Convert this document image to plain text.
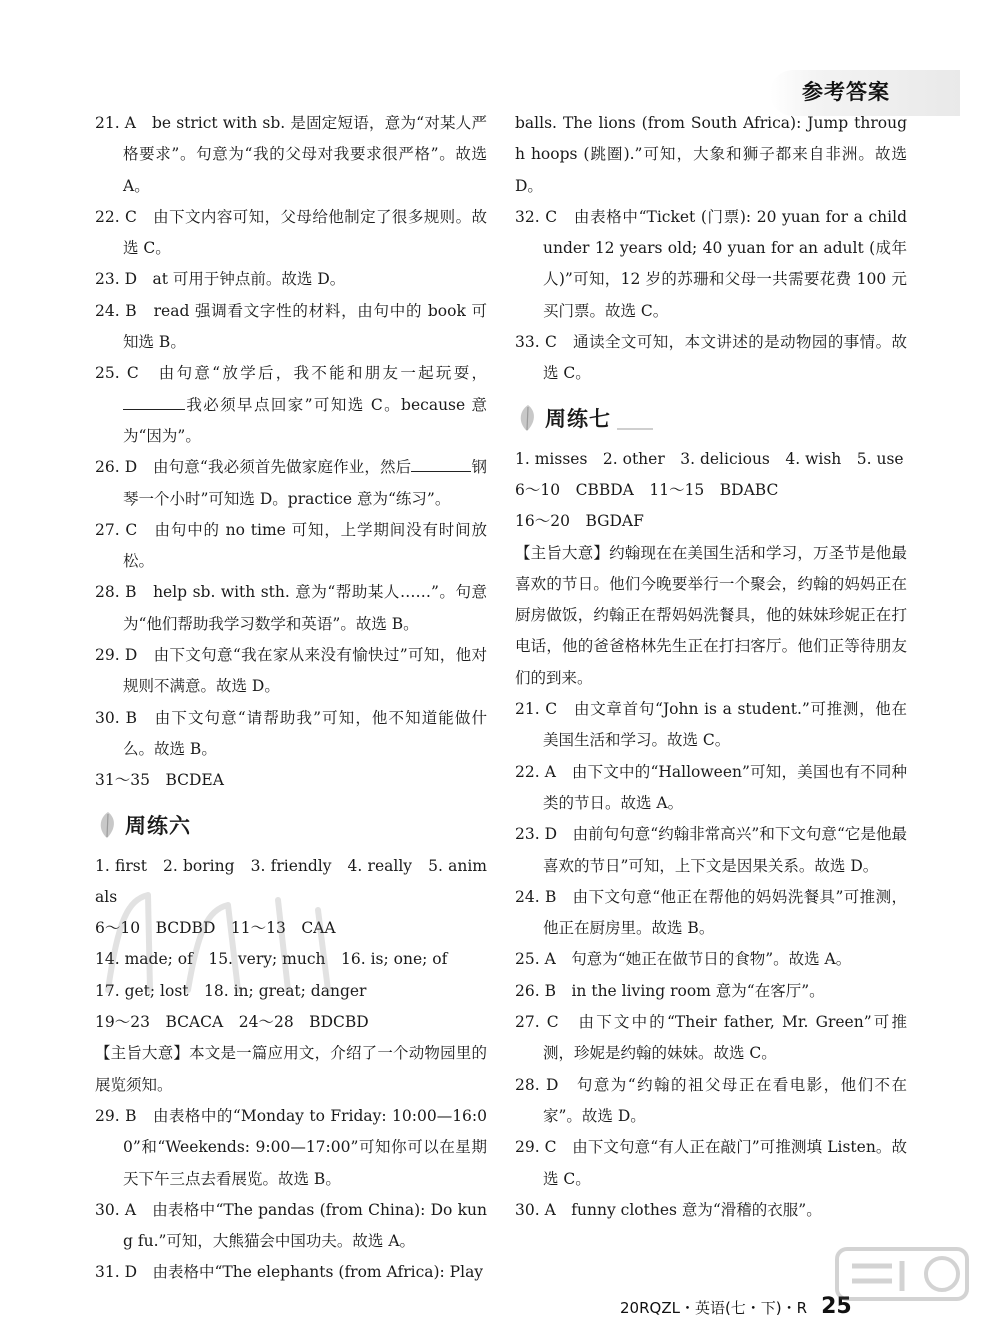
参考答案

21. A　be strict with sb. 是固定短语，意为“对某人严格要求”。句意为“我的父母对我要求很严格”。故选 A。

22. C　由下文内容可知，父母给他制定了很多规则。故选 C。

23. D　at 可用于钟点前。故选 D。

24. B　read 强调看文字性的材料，由句中的 book 可知选 B。

25. C　由句意“放学后，我不能和朋友一起玩耍，我必须早点回家”可知选 C。because 意为“因为”。

26. D　由句意“我必须首先做家庭作业，然后	钢琴一个小时”可知选 D。practice 意为“练习”。

27. C　由句中的 no time 可知，上学期间没有时间放松。

28. B　help sb. with sth. 意为“帮助某人……”。句意为“他们帮助我学习数学和英语”。故选 B。

29. D　由下文句意“我在家从来没有愉快过”可知，他对规则不满意。故选 D。

30. B　由下文句意“请帮助我”可知，他不知道能做什么。故选 B。

31～35　BCDEA

周练六

1. first　2. boring　3. friendly　4. really　5. animals

6～10　BCDBD　11～13　CAA

14. made; of　15. very; much　16. is; one; of

17. get; lost　18. in; great; danger

19～23　BCACA　24～28　BDCBD

【主旨大意】本文是一篇应用文，介绍了一个动物园里的展览须知。

29. B　由表格中的“Monday to Friday: 10:00—16:00”和“Weekends: 9:00—17:00”可知你可以在星期天下午三点去看展览。故选 B。

30. A　由表格中“The pandas (from China): Do kung fu.”可知，大熊猫会中国功夫。故选 A。

31. D　由表格中“The elephants (from Africa): Play

balls. The lions (from South Africa): Jump through hoops (跳圈).”可知，大象和狮子都来自非洲。故选 D。

32. C　由表格中“Ticket (门票): 20 yuan for a child under 12 years old; 40 yuan for an adult (成年人)”可知，12 岁的苏珊和父母一共需要花费 100 元买门票。故选 C。

33. C　通读全文可知，本文讲述的是动物园的事情。故选 C。

周练七

1. misses　2. other　3. delicious　4. wish　5. use

6～10　CBBDA　11～15　BDABC

16～20　BGDAF

【主旨大意】约翰现在在美国生活和学习，万圣节是他最喜欢的节日。他们今晚要举行一个聚会，约翰的妈妈正在厨房做饭，约翰正在帮妈妈洗餐具，他的妹妹珍妮正在打电话，他的爸爸格林先生正在打扫客厅。他们正等待朋友们的到来。

21. C　由文章首句“John is a student.”可推测，他在美国生活和学习。故选 C。

22. A　由下文中的“Halloween”可知，美国也有不同种类的节日。故选 A。

23. D　由前句句意“约翰非常高兴”和下文句意“它是他最喜欢的节日”可知，上下文是因果关系。故选 D。

24. B　由下文句意“他正在帮他的妈妈洗餐具”可推测，他正在厨房里。故选 B。

25. A　句意为“她正在做节日的食物”。故选 A。

26. B　in the living room 意为“在客厅”。

27. C　由下文中的“Their father, Mr. Green”可推测，珍妮是约翰的妹妹。故选 C。

28. D　句意为“约翰的祖父母正在看电影，他们不在家”。故选 D。

29. C　由下文句意“有人正在敲门”可推测填 Listen。故选 C。

30. A　funny clothes 意为“滑稽的衣服”。

20RQZL・英语(七・下)・R 25
